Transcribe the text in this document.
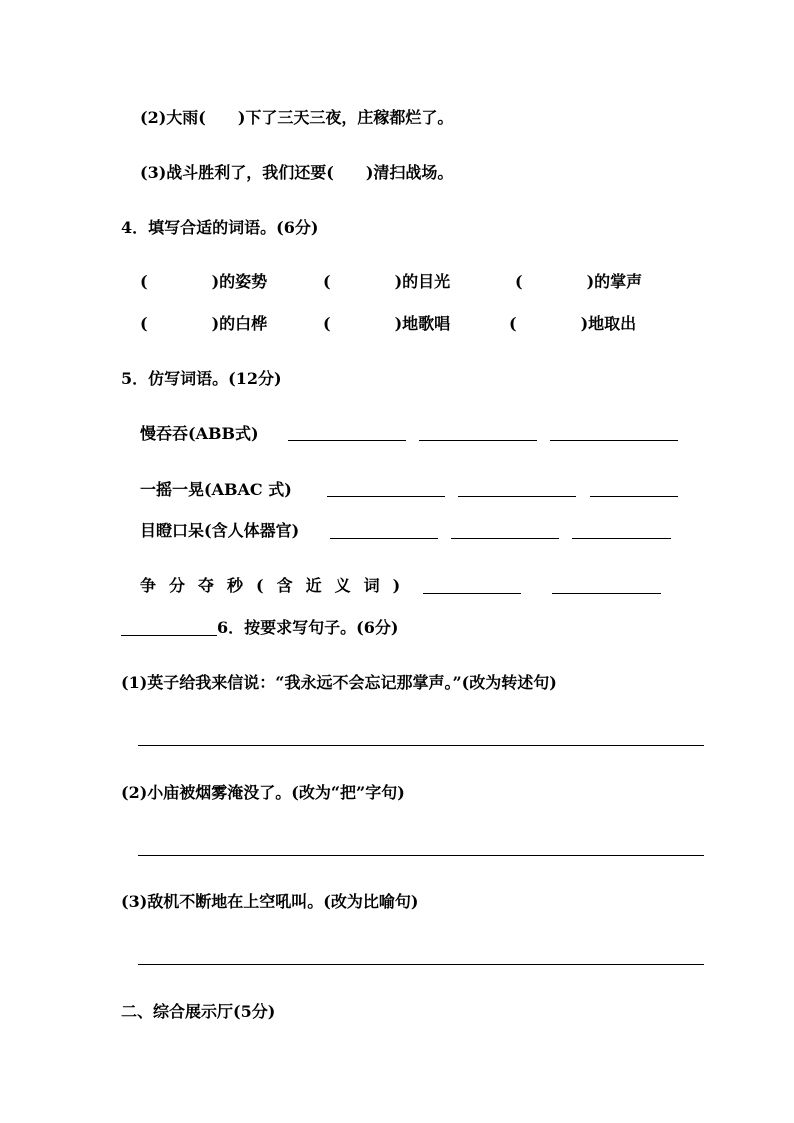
(2)大雨(　　)下了三天三夜，庄稼都烂了。
(3)战斗胜利了，我们还要(　　)清扫战场。
4．填写合适的词语。(6分)
(　　　　)的姿势	(　　　　)的目光	(　　　　)的掌声
(　　　　)的白桦	(　　　　)地歌唱	(　　　　)地取出
5．仿写词语。(12分)
慢吞吞(ABB式)
一摇一晃(ABAC 式)
目瞪口呆(含人体器官)
争分夺秒(含近义词)
6．按要求写句子。(6分)
(1)英子给我来信说：“我永远不会忘记那掌声。”(改为转述句)
(2)小庙被烟雾淹没了。(改为“把”字句)
(3)敌机不断地在上空吼叫。(改为比喻句)
二、综合展示厅(5分)
